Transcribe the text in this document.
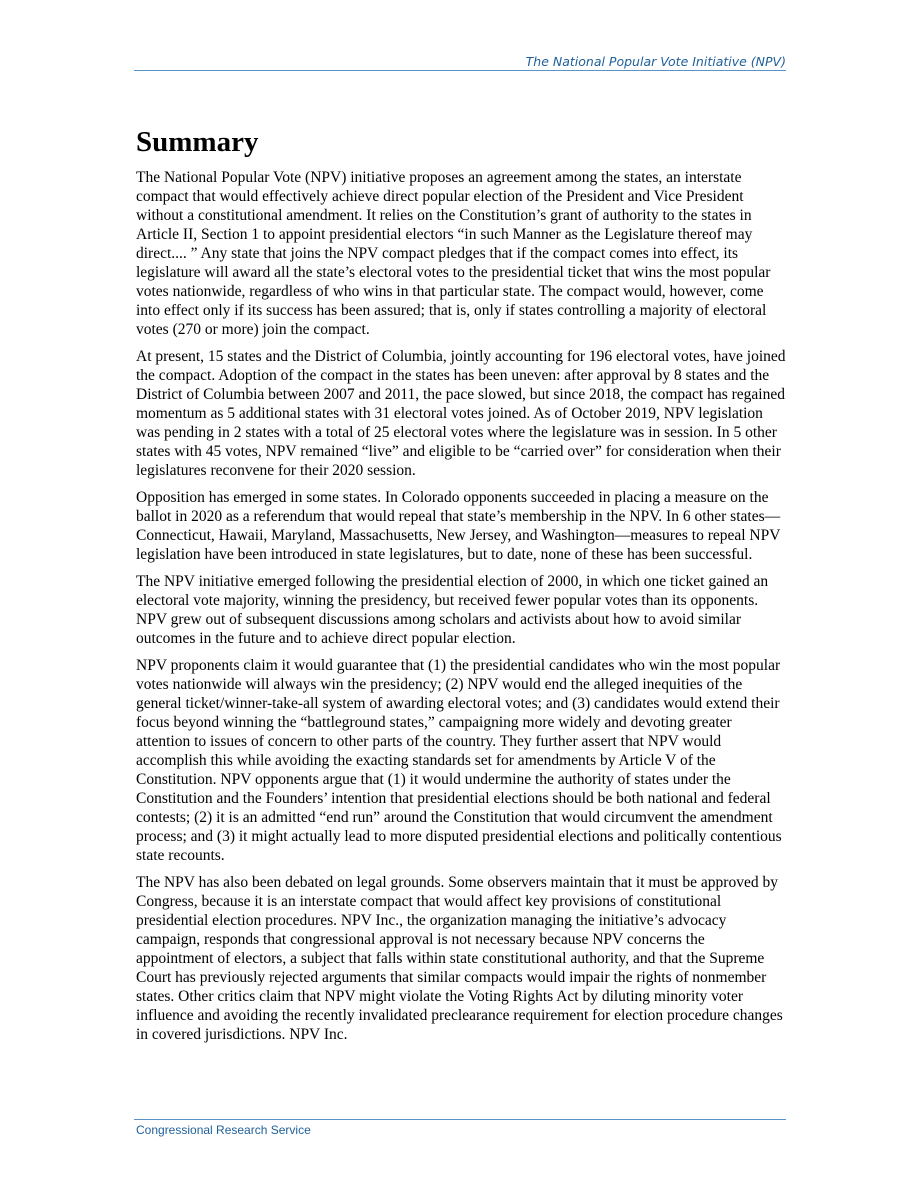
The National Popular Vote Initiative (NPV)
Summary

The National Popular Vote (NPV) initiative proposes an agreement among the states, an interstate compact that would effectively achieve direct popular election of the President and Vice President without a constitutional amendment. It relies on the Constitution’s grant of authority to the states in Article II, Section 1 to appoint presidential electors “in such Manner as the Legislature thereof may direct.... ” Any state that joins the NPV compact pledges that if the compact comes into effect, its legislature will award all the state’s electoral votes to the presidential ticket that wins the most popular votes nationwide, regardless of who wins in that particular state. The compact would, however, come into effect only if its success has been assured; that is, only if states controlling a majority of electoral votes (270 or more) join the compact.

At present, 15 states and the District of Columbia, jointly accounting for 196 electoral votes, have joined the compact. Adoption of the compact in the states has been uneven: after approval by 8 states and the District of Columbia between 2007 and 2011, the pace slowed, but since 2018, the compact has regained momentum as 5 additional states with 31 electoral votes joined. As of October 2019, NPV legislation was pending in 2 states with a total of 25 electoral votes where the legislature was in session. In 5 other states with 45 votes, NPV remained “live” and eligible to be “carried over” for consideration when their legislatures reconvene for their 2020 session.

Opposition has emerged in some states. In Colorado opponents succeeded in placing a measure on the ballot in 2020 as a referendum that would repeal that state’s membership in the NPV. In 6 other states—Connecticut, Hawaii, Maryland, Massachusetts, New Jersey, and Washington—measures to repeal NPV legislation have been introduced in state legislatures, but to date, none of these has been successful.

The NPV initiative emerged following the presidential election of 2000, in which one ticket gained an electoral vote majority, winning the presidency, but received fewer popular votes than its opponents. NPV grew out of subsequent discussions among scholars and activists about how to avoid similar outcomes in the future and to achieve direct popular election.

NPV proponents claim it would guarantee that (1) the presidential candidates who win the most popular votes nationwide will always win the presidency; (2) NPV would end the alleged inequities of the general ticket/winner-take-all system of awarding electoral votes; and (3) candidates would extend their focus beyond winning the “battleground states,” campaigning more widely and devoting greater attention to issues of concern to other parts of the country. They further assert that NPV would accomplish this while avoiding the exacting standards set for amendments by Article V of the Constitution. NPV opponents argue that (1) it would undermine the authority of states under the Constitution and the Founders’ intention that presidential elections should be both national and federal contests; (2) it is an admitted “end run” around the Constitution that would circumvent the amendment process; and (3) it might actually lead to more disputed presidential elections and politically contentious state recounts.

The NPV has also been debated on legal grounds. Some observers maintain that it must be approved by Congress, because it is an interstate compact that would affect key provisions of constitutional presidential election procedures. NPV Inc., the organization managing the initiative’s advocacy campaign, responds that congressional approval is not necessary because NPV concerns the appointment of electors, a subject that falls within state constitutional authority, and that the Supreme Court has previously rejected arguments that similar compacts would impair the rights of nonmember states. Other critics claim that NPV might violate the Voting Rights Act by diluting minority voter influence and avoiding the recently invalidated preclearance requirement for election procedure changes in covered jurisdictions. NPV Inc.

Congressional Research Service
